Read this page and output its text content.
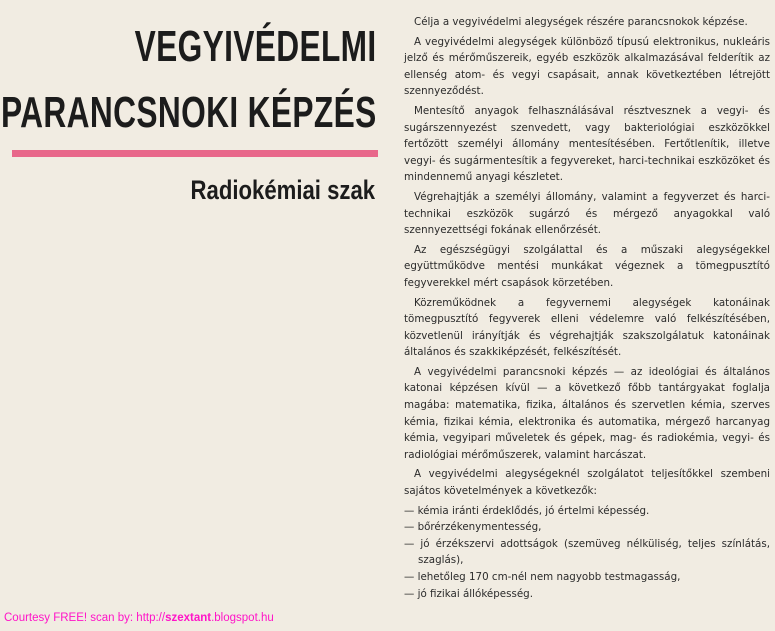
VEGYIVÉDELMI
PARANCSNOKI KÉPZÉS
Radiokémiai szak

Célja a vegyivédelmi alegységek részére parancsnokok képzése.

A vegyivédelmi alegységek különböző típusú elektronikus, nukleáris jelző és mérőműszereik, egyéb eszközök alkalmazásával felderítik az ellenség atom- és vegyi csapásait, annak következtében létrejött szennyeződést.

Mentesítő anyagok felhasználásával résztvesznek a vegyi- és sugárszennyezést szenvedett, vagy bakteriológiai eszközökkel fertőzött személyi állomány mentesítésében. Fertőtlenítik, illetve vegyi- és sugármentesítik a fegyvereket, harci-technikai eszközöket és mindennemű anyagi készletet.

Végrehajtják a személyi állomány, valamint a fegyverzet és harci-technikai eszközök sugárzó és mérgező anyagokkal való szennyezettségi fokának ellenőrzését.

Az egészségügyi szolgálattal és a műszaki alegységekkel együttműködve mentési munkákat végeznek a tömegpusztító fegyverekkel mért csapások körzetében.

Közreműködnek a fegyvernemi alegységek katonáinak tömegpusztító fegyverek elleni védelemre való felkészítésében, közvetlenül irányítják és végrehajtják szakszolgálatuk katonáinak általános és szakkiképzését, felkészítését.

A vegyivédelmi parancsnoki képzés — az ideológiai és általános katonai képzésen kívül — a következő főbb tantárgyakat foglalja magába: matematika, fizika, általános és szervetlen kémia, szerves kémia, fizikai kémia, elektronika és automatika, mérgező harcanyag kémia, vegyipari műveletek és gépek, mag- és radiokémia, vegyi- és radiológiai mérőműszerek, valamint harcászat.

A vegyivédelmi alegységeknél szolgálatot teljesítőkkel szembeni sajátos követelmények a következők:

— kémia iránti érdeklődés, jó értelmi képesség.
— bőrérzékenymentesség,
— jó érzékszervi adottságok (szemüveg nélküliség, teljes színlátás, szaglás),
— lehetőleg 170 cm-nél nem nagyobb testmagasság,
— jó fizikai állóképesség.
Courtesy FREE! scan by: http://szextant.blogspot.hu
